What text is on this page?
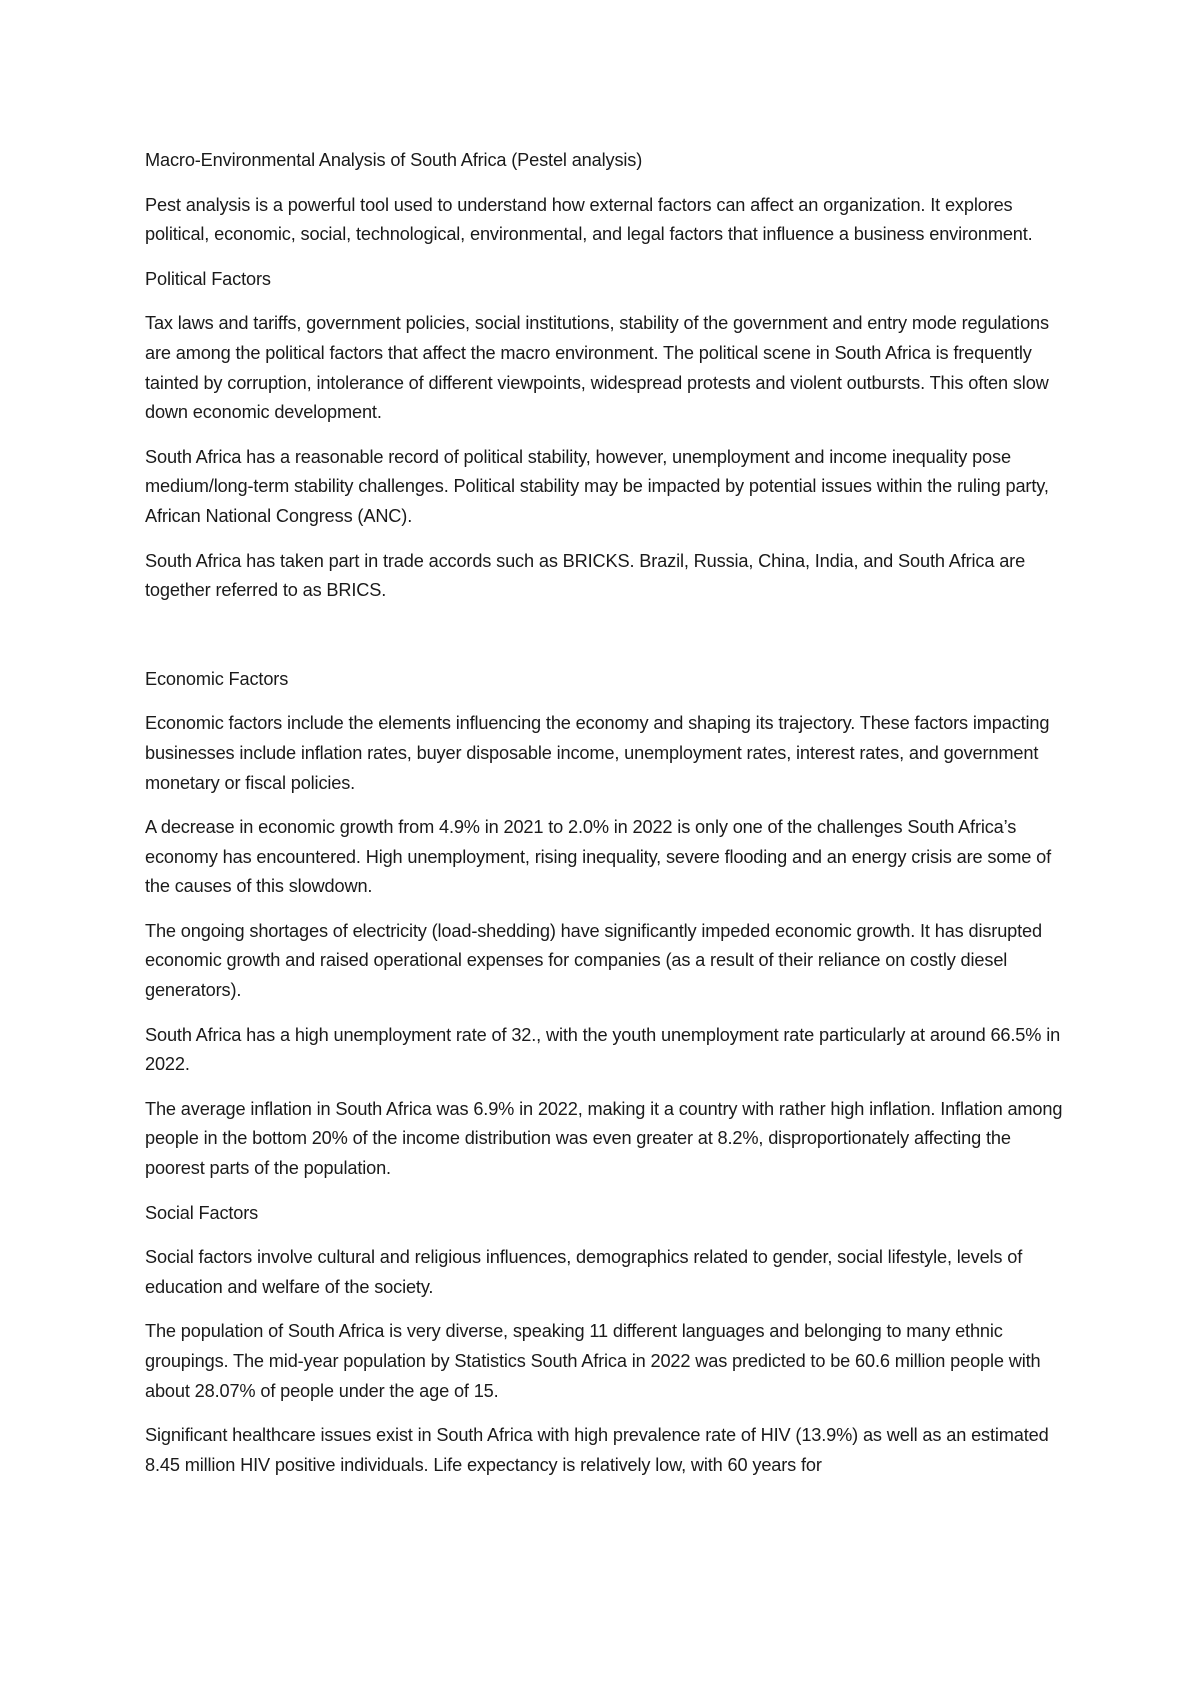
Macro-Environmental Analysis of South Africa (Pestel analysis)

Pest analysis is a powerful tool used to understand how external factors can affect an organization. It explores political, economic, social, technological, environmental, and legal factors that influence a business environment.

Political Factors

Tax laws and tariffs, government policies, social institutions, stability of the government and entry mode regulations are among the political factors that affect the macro environment. The political scene in South Africa is frequently tainted by corruption, intolerance of different viewpoints, widespread protests and violent outbursts. This often slow down economic development.

South Africa has a reasonable record of political stability, however, unemployment and income inequality pose medium/long-term stability challenges. Political stability may be impacted by potential issues within the ruling party, African National Congress (ANC).

South Africa has taken part in trade accords such as BRICKS. Brazil, Russia, China, India, and South Africa are together referred to as BRICS.

Economic Factors

Economic factors include the elements influencing the economy and shaping its trajectory. These factors impacting businesses include inflation rates, buyer disposable income, unemployment rates, interest rates, and government monetary or fiscal policies.

A decrease in economic growth from 4.9% in 2021 to 2.0% in 2022 is only one of the challenges South Africa’s economy has encountered. High unemployment, rising inequality, severe flooding and an energy crisis are some of the causes of this slowdown.

The ongoing shortages of electricity (load-shedding) have significantly impeded economic growth. It has disrupted economic growth and raised operational expenses for companies (as a result of their reliance on costly diesel generators).

South Africa has a high unemployment rate of 32., with the youth unemployment rate particularly at around 66.5% in 2022.

The average inflation in South Africa was 6.9% in 2022, making it a country with rather high inflation. Inflation among people in the bottom 20% of the income distribution was even greater at 8.2%, disproportionately affecting the poorest parts of the population.

Social Factors

Social factors involve cultural and religious influences, demographics related to gender, social lifestyle, levels of education and welfare of the society.

The population of South Africa is very diverse, speaking 11 different languages and belonging to many ethnic groupings. The mid-year population by Statistics South Africa in 2022 was predicted to be 60.6 million people with about 28.07% of people under the age of 15.

Significant healthcare issues exist in South Africa with high prevalence rate of HIV (13.9%) as well as an estimated 8.45 million HIV positive individuals. Life expectancy is relatively low, with 60 years for
